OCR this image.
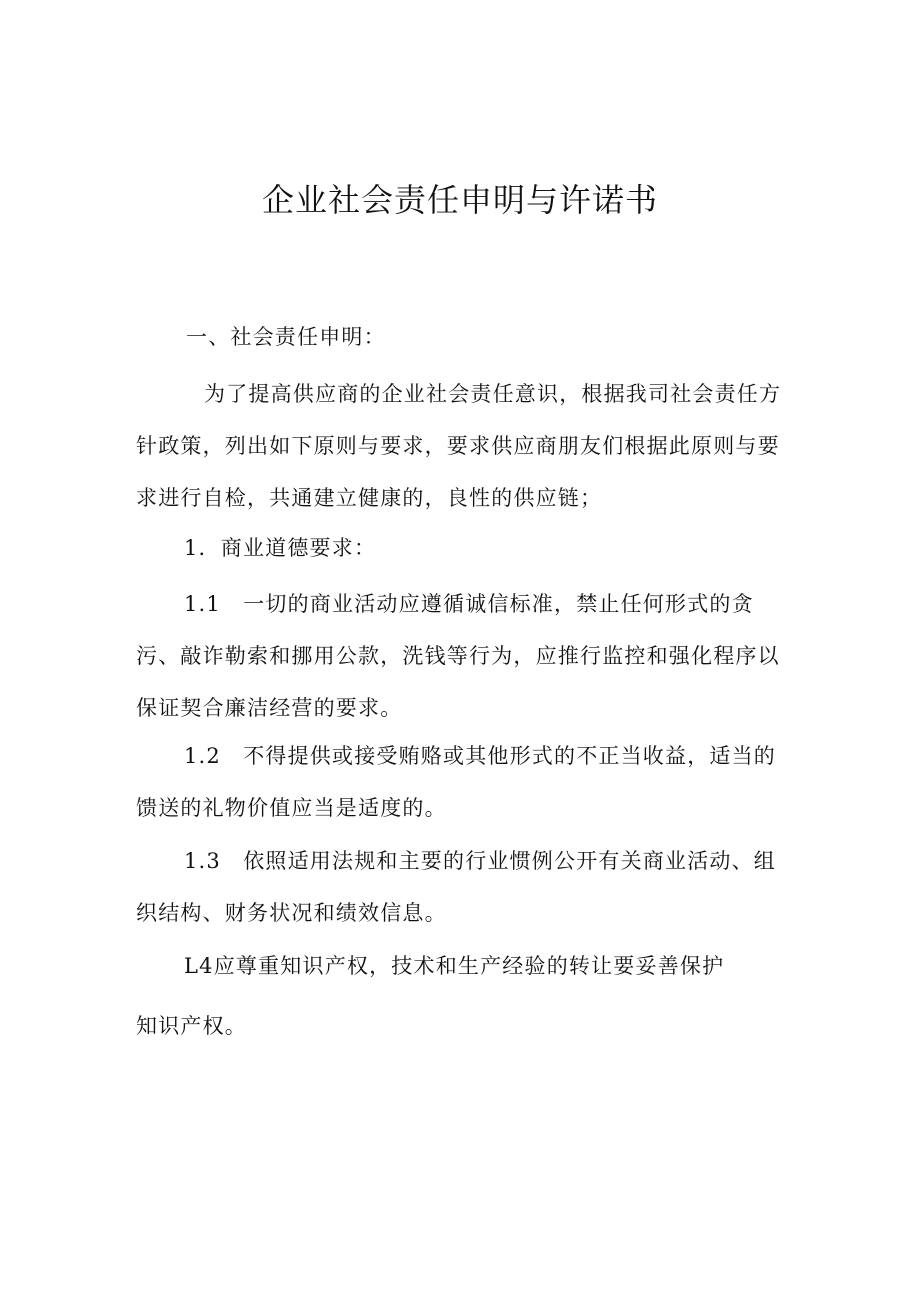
企业社会责任申明与许诺书

一、社会责任申明：

为了提高供应商的企业社会责任意识，根据我司社会责任方针政策，列出如下原则与要求，要求供应商朋友们根据此原则与要求进行自检，共通建立健康的，良性的供应链；

1．商业道德要求：

1.1　一切的商业活动应遵循诚信标准，禁止任何形式的贪污、敲诈勒索和挪用公款，洗钱等行为，应推行监控和强化程序以保证契合廉洁经营的要求。

1.2　不得提供或接受贿赂或其他形式的不正当收益，适当的馈送的礼物价值应当是适度的。

1.3　依照适用法规和主要的行业惯例公开有关商业活动、组织结构、财务状况和绩效信息。

L4应尊重知识产权，技术和生产经验的转让要妥善保护

知识产权。
